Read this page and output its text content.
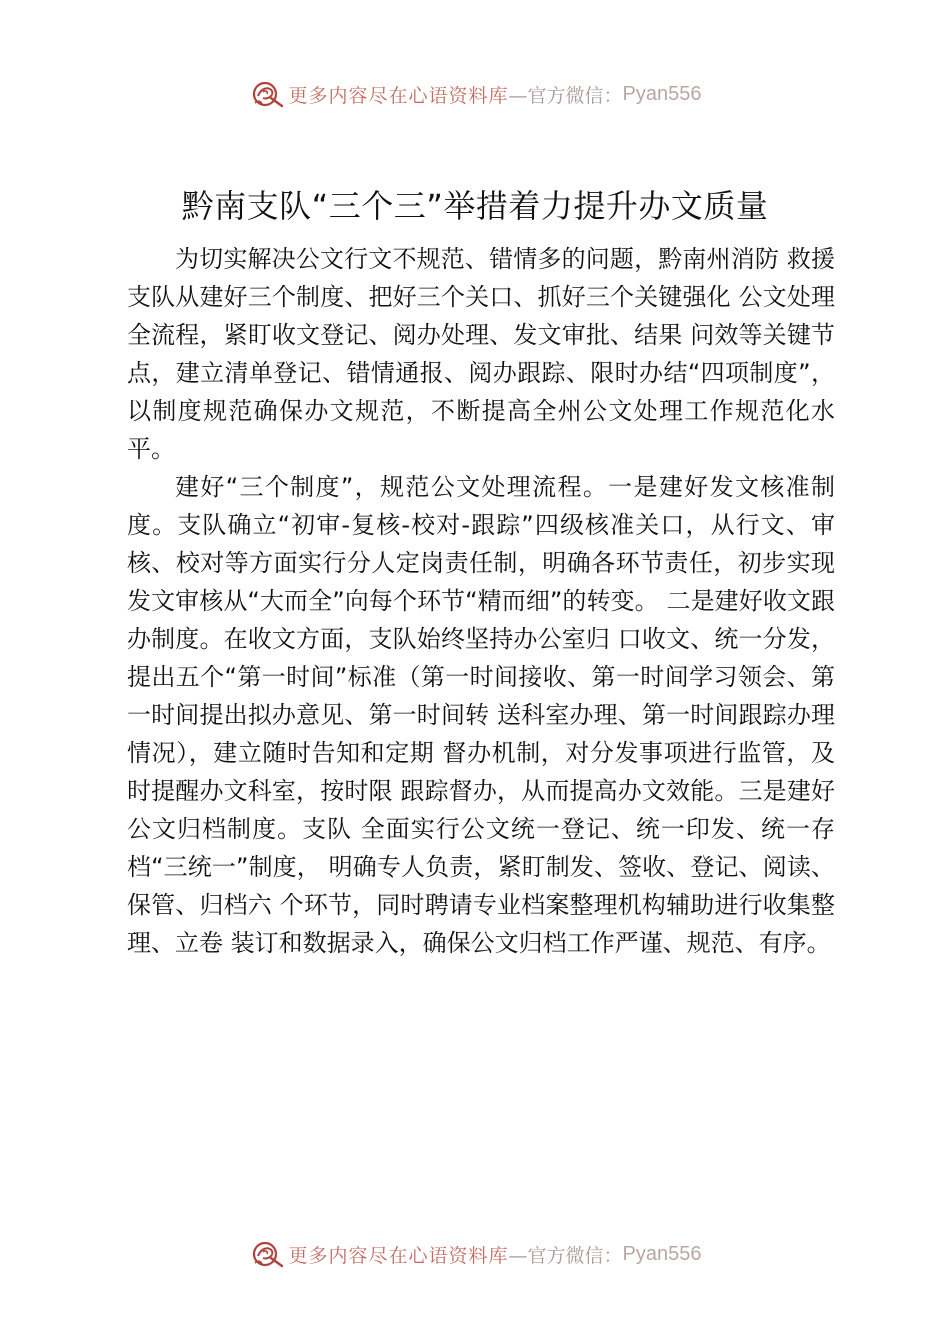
更多内容尽在心语资料库 —官方微信： Pyan556
黔南支队“三个三”举措着力提升办文质量

为切实解决公文行文不规范、错情多的问题，黔南州消防 救援支队从建好三个制度、把好三个关口、抓好三个关键强化 公文处理全流程，紧盯收文登记、阅办处理、发文审批、结果 问效等关键节点，建立清单登记、错情通报、阅办跟踪、限时办结“四项制度”，以制度规范确保办文规范，不断提高全州公文处理工作规范化水平。

建好“三个制度”，规范公文处理流程。一是建好发文核准制度。支队确立“初审-复核-校对-跟踪”四级核准关口，从行文、审核、校对等方面实行分人定岗责任制，明确各环节责任，初步实现发文审核从“大而全”向每个环节“精而细”的转变。 二是建好收文跟办制度。在收文方面，支队始终坚持办公室归 口收文、统一分发，提出五个“第一时间”标准（第一时间接收、第一时间学习领会、第一时间提出拟办意见、第一时间转 送科室办理、第一时间跟踪办理情况），建立随时告知和定期 督办机制，对分发事项进行监管，及时提醒办文科室，按时限 跟踪督办，从而提高办文效能。三是建好公文归档制度。支队 全面实行公文统一登记、统一印发、统一存档“三统一”制度， 明确专人负责，紧盯制发、签收、登记、阅读、保管、归档六 个环节，同时聘请专业档案整理机构辅助进行收集整理、立卷 装订和数据录入，确保公文归档工作严谨、规范、有序。

更多内容尽在心语资料库 —官方微信： Pyan556
